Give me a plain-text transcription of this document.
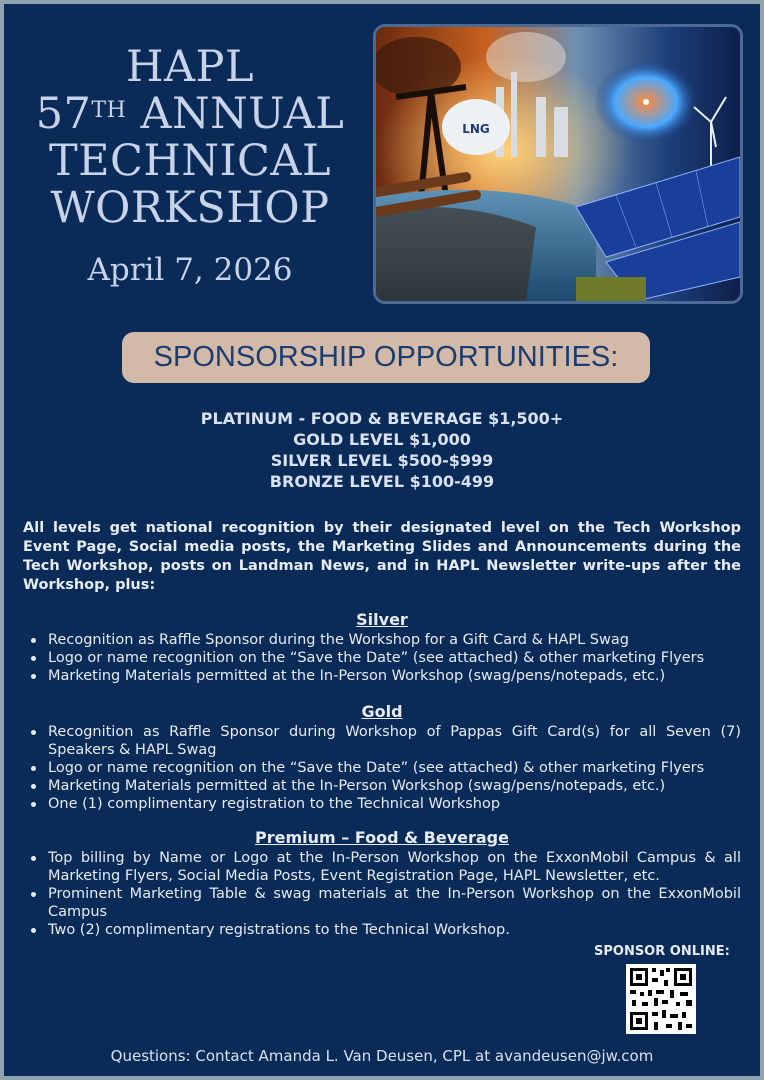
HAPL
57TH ANNUAL
TECHNICAL
WORKSHOP
April 7, 2026
LNG
SPONSORSHIP OPPORTUNITIES:
PLATINUM - FOOD & BEVERAGE $1,500+
GOLD LEVEL $1,000
SILVER LEVEL $500-$999
BRONZE LEVEL $100-499
All levels get national recognition by their designated level on the Tech Workshop Event Page, Social media posts, the Marketing Slides and Announcements during the Tech Workshop, posts on Landman News, and in HAPL Newsletter write-ups after the Workshop, plus:
Silver
Recognition as Raffle Sponsor during the Workshop for a Gift Card & HAPL Swag
Logo or name recognition on the “Save the Date” (see attached) & other marketing Flyers
Marketing Materials permitted at the In-Person Workshop (swag/pens/notepads, etc.)
Gold
Recognition as Raffle Sponsor during Workshop of Pappas Gift Card(s) for all Seven (7) Speakers & HAPL Swag
Logo or name recognition on the “Save the Date” (see attached) & other marketing Flyers
Marketing Materials permitted at the In-Person Workshop (swag/pens/notepads, etc.)
One (1) complimentary registration to the Technical Workshop
Premium – Food & Beverage
Top billing by Name or Logo at the In-Person Workshop on the ExxonMobil Campus & all Marketing Flyers, Social Media Posts, Event Registration Page, HAPL Newsletter, etc.
Prominent Marketing Table & swag materials at the In-Person Workshop on the ExxonMobil Campus
Two (2) complimentary registrations to the Technical Workshop.
SPONSOR ONLINE:
Questions: Contact Amanda L. Van Deusen, CPL at avandeusen@jw.com
